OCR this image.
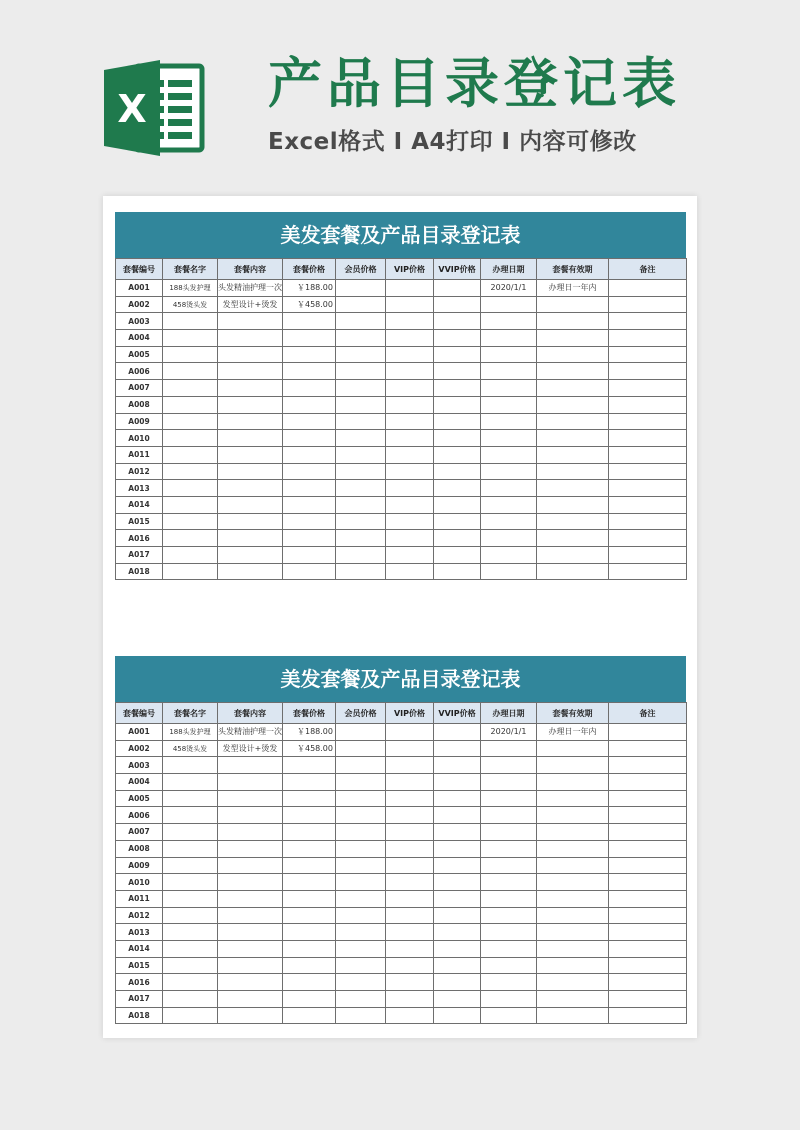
X 产品目录登记表
Excel格式 I A4打印 I 内容可修改
美发套餐及产品目录登记表
套餐编号	套餐名字	套餐内容	套餐价格	会员价格	VIP价格	VVIP价格	办理日期	套餐有效期	备注
A001	188头发护理	头发精油护理一次	￥188.00				2020/1/1	办理日一年内	
A002	458烫头发	发型设计+烫发	￥458.00						
A003									
A004									
A005									
A006									
A007									
A008									
A009									
A010									
A011									
A012									
A013									
A014									
A015									
A016									
A017									
A018									
美发套餐及产品目录登记表
套餐编号	套餐名字	套餐内容	套餐价格	会员价格	VIP价格	VVIP价格	办理日期	套餐有效期	备注
A001	188头发护理	头发精油护理一次	￥188.00				2020/1/1	办理日一年内	
A002	458烫头发	发型设计+烫发	￥458.00						
A003									
A004									
A005									
A006									
A007									
A008									
A009									
A010									
A011									
A012									
A013									
A014									
A015									
A016									
A017									
A018									
